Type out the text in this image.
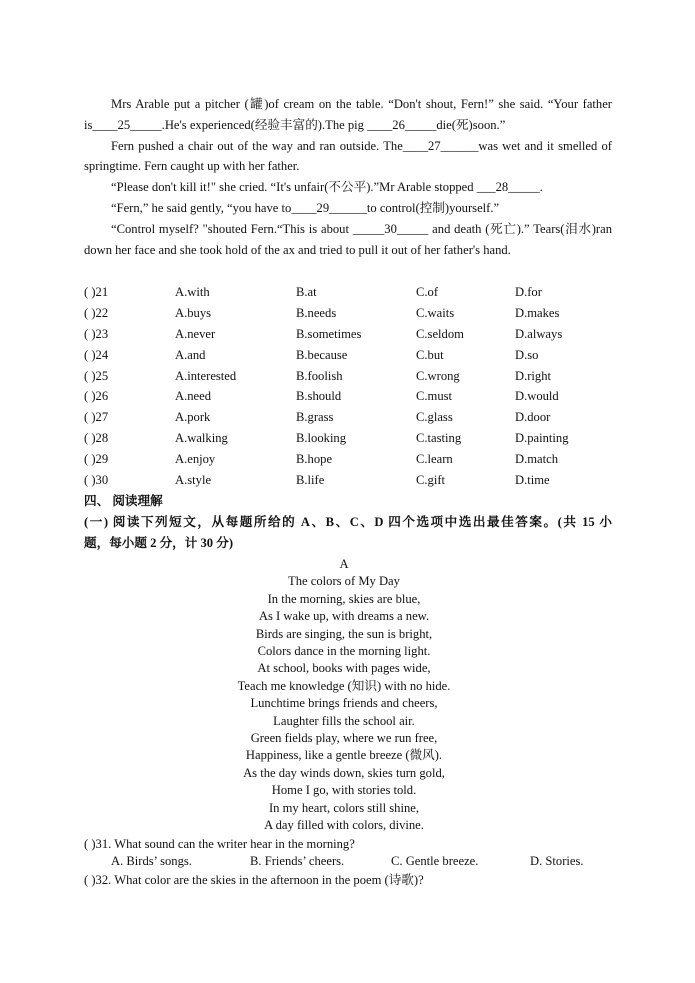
Mrs Arable put a pitcher (罐)of cream on the table. “Don't shout, Fern!” she said. “Your father is____25_____.He's experienced(经验丰富的).The pig ____26_____die(死)soon.”

Fern pushed a chair out of the way and ran outside. The____27______was wet and it smelled of springtime. Fern caught up with her father.

“Please don't kill it!" she cried. “It's unfair(不公平).”Mr Arable stopped ___28_____.

“Fern,” he said gently, “you have to____29______to control(控制)yourself.”

“Control myself? "shouted Fern.“This is about _____30_____ and death (死亡).” Tears(泪水)ran down her face and she took hold of the ax and tried to pull it out of her father's hand.

( )21	A.with	B.at	C.of	D.for
( )22	A.buys	B.needs	C.waits	D.makes
( )23	A.never	B.sometimes	C.seldom	D.always
( )24	A.and	B.because	C.but	D.so
( )25	A.interested	B.foolish	C.wrong	D.right
( )26	A.need	B.should	C.must	D.would
( )27	A.pork	B.grass	C.glass	D.door
( )28	A.walking	B.looking	C.tasting	D.painting
( )29	A.enjoy	B.hope	C.learn	D.match
( )30	A.style	B.life	C.gift	D.time
四、 阅读理解

(一) 阅读下列短文，从每题所给的 A、B、C、D 四个选项中选出最佳答案。(共 15 小

题，每小题 2 分，计 30 分)

A
The colors of My Day
In the morning, skies are blue,
As I wake up, with dreams a new.
Birds are singing, the sun is bright,
Colors dance in the morning light.
At school, books with pages wide,
Teach me knowledge (知识) with no hide.
Lunchtime brings friends and cheers,
Laughter fills the school air.
Green fields play, where we run free,
Happiness, like a gentle breeze (微风).
As the day winds down, skies turn gold,
Home I go, with stories told.
In my heart, colors still shine,
A day filled with colors, divine.
( )31. What sound can the writer hear in the morning?
A. Birds’ songs.	B. Friends’ cheers.	C. Gentle breeze.	D. Stories.
( )32. What color are the skies in the afternoon in the poem (诗歌)?
